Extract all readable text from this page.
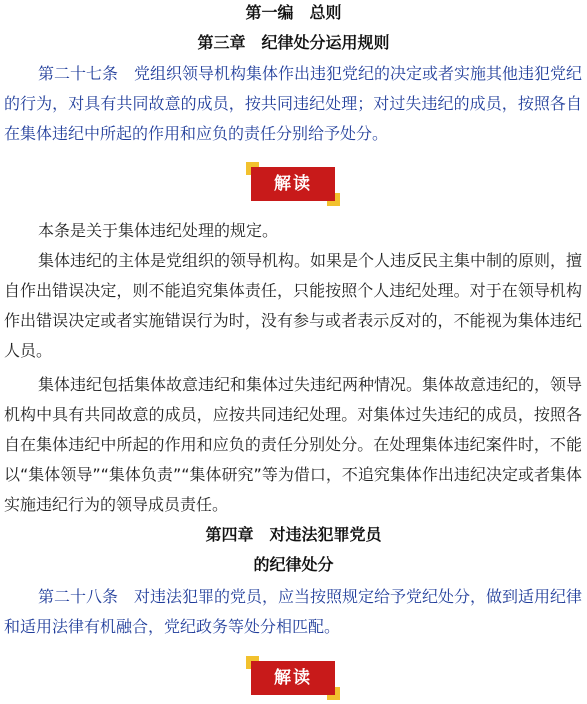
第一编　总则
第三章　纪律处分运用规则
第二十七条　党组织领导机构集体作出违犯党纪的决定或者实施其他违犯党纪的行为，对具有共同故意的成员，按共同违纪处理；对过失违纪的成员，按照各自在集体违纪中所起的作用和应负的责任分别给予处分。
解读
本条是关于集体违纪处理的规定。
集体违纪的主体是党组织的领导机构。如果是个人违反民主集中制的原则，擅自作出错误决定，则不能追究集体责任，只能按照个人违纪处理。对于在领导机构作出错误决定或者实施错误行为时，没有参与或者表示反对的，不能视为集体违纪人员。
集体违纪包括集体故意违纪和集体过失违纪两种情况。集体故意违纪的，领导机构中具有共同故意的成员，应按共同违纪处理。对集体过失违纪的成员，按照各自在集体违纪中所起的作用和应负的责任分别处分。在处理集体违纪案件时，不能以“集体领导”“集体负责”“集体研究”等为借口，不追究集体作出违纪决定或者集体实施违纪行为的领导成员责任。
第四章　对违法犯罪党员
的纪律处分
第二十八条　对违法犯罪的党员，应当按照规定给予党纪处分，做到适用纪律和适用法律有机融合，党纪政务等处分相匹配。
解读
